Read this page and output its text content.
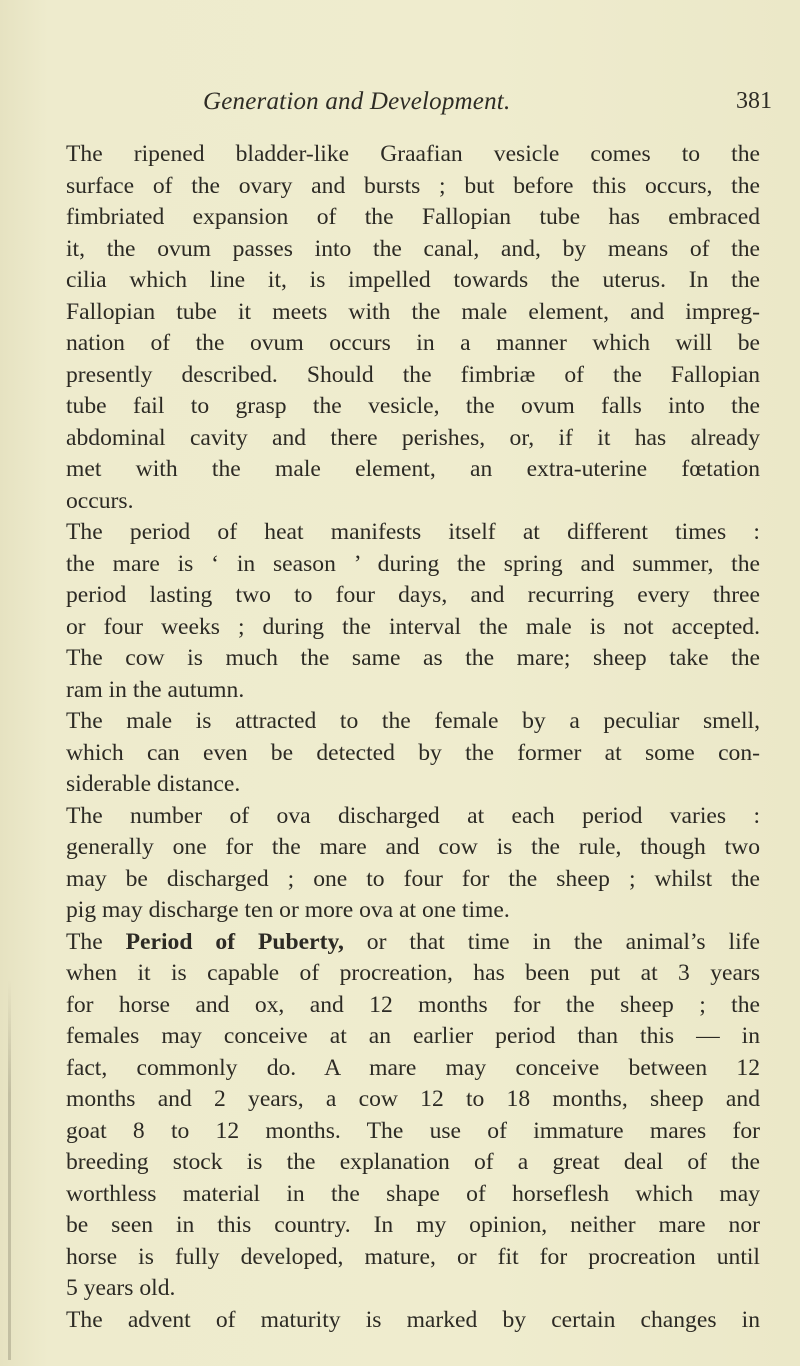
Generation and Development.	381

The ripened bladder-like Graafian vesicle comes to the
surface of the ovary and bursts ; but before this occurs, the
fimbriated expansion of the Fallopian tube has embraced
it, the ovum passes into the canal, and, by means of the
cilia which line it, is impelled towards the uterus. In the
Fallopian tube it meets with the male element, and impreg-
nation of the ovum occurs in a manner which will be
presently described. Should the fimbriæ of the Fallopian
tube fail to grasp the vesicle, the ovum falls into the
abdominal cavity and there perishes, or, if it has already
met with the male element, an extra-uterine fœtation
occurs.

The period of heat manifests itself at different times :
the mare is ‘ in season ’ during the spring and summer, the
period lasting two to four days, and recurring every three
or four weeks ; during the interval the male is not accepted.
The cow is much the same as the mare; sheep take the
ram in the autumn.

The male is attracted to the female by a peculiar smell,
which can even be detected by the former at some con-
siderable distance.

The number of ova discharged at each period varies :
generally one for the mare and cow is the rule, though two
may be discharged ; one to four for the sheep ; whilst the
pig may discharge ten or more ova at one time.

The Period of Puberty, or that time in the animal’s life
when it is capable of procreation, has been put at 3 years
for horse and ox, and 12 months for the sheep ; the
females may conceive at an earlier period than this — in
fact, commonly do. A mare may conceive between 12
months and 2 years, a cow 12 to 18 months, sheep and
goat 8 to 12 months. The use of immature mares for
breeding stock is the explanation of a great deal of the
worthless material in the shape of horseflesh which may
be seen in this country. In my opinion, neither mare nor
horse is fully developed, mature, or fit for procreation until
5 years old.

The advent of maturity is marked by certain changes in
